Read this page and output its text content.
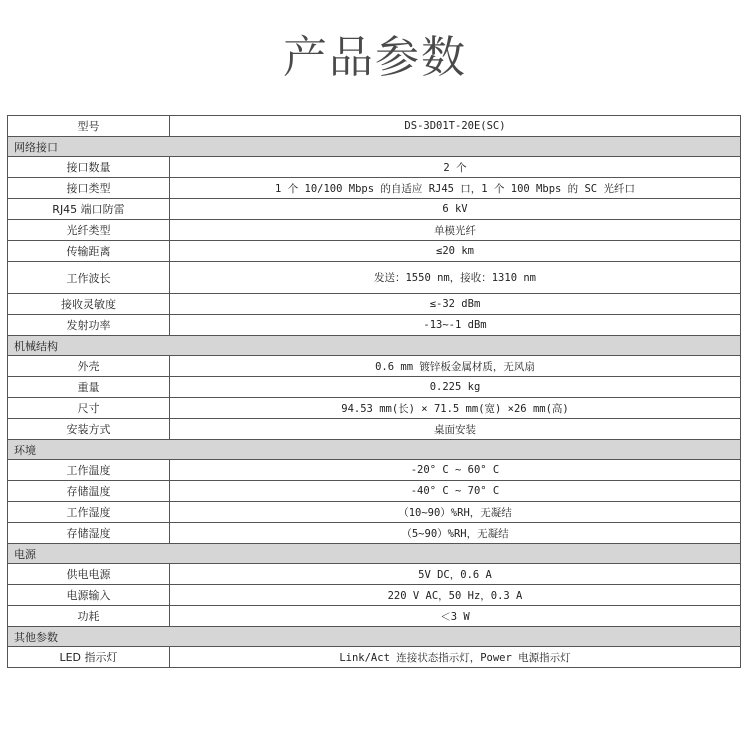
产品参数
型号	DS-3D01T-20E(SC)
网络接口	
接口数量	2 个
接口类型	1 个 10/100 Mbps 的自适应 RJ45 口，1 个 100 Mbps 的 SC 光纤口
RJ45 端口防雷	6 kV
光纤类型	单模光纤
传输距离	≤20 km
工作波长	发送：1550 nm，接收：1310 nm
接收灵敏度	≤-32 dBm
发射功率	-13~-1 dBm
机械结构	
外壳	0.6 mm 镀锌板金属材质，无风扇
重量	0.225 kg
尺寸	94.53 mm(长) × 71.5 mm(宽) ×26 mm(高)
安装方式	桌面安装
环境	
工作温度	-20° C ~ 60° C
存储温度	-40° C ~ 70° C
工作湿度	（10~90）%RH，无凝结
存储湿度	（5~90）%RH，无凝结
电源	
供电电源	5V DC，0.6 A
电源输入	220 V AC，50 Hz，0.3 A
功耗	＜3 W
其他参数	
LED 指示灯	Link/Act 连接状态指示灯，Power 电源指示灯
